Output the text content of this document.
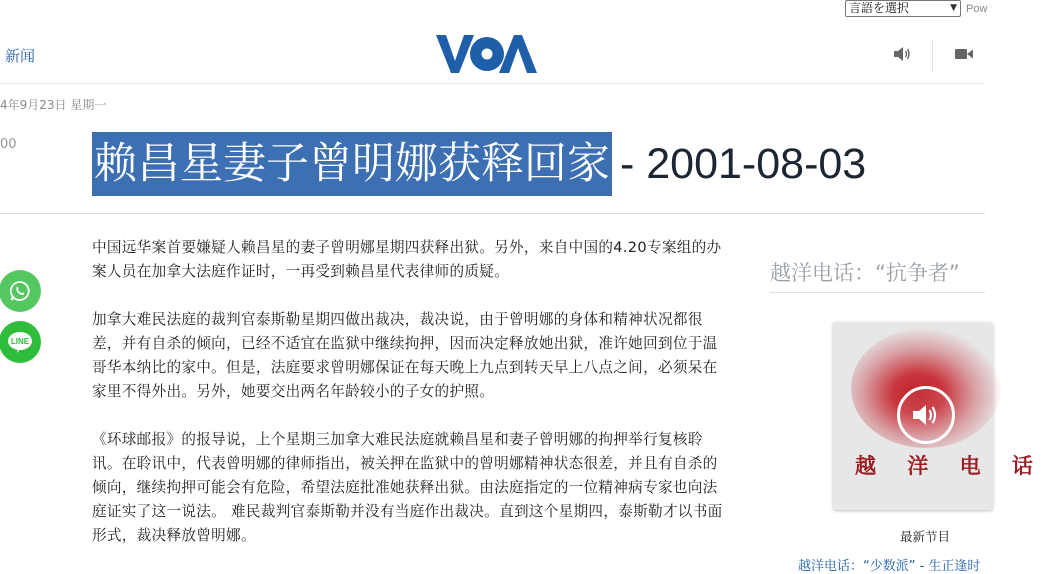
言語を選択	▼ Pow
新闻
4年9月23日 星期一
00 赖昌星妻子曾明娜获释回家 - 2001-08-03

中国远华案首要嫌疑人赖昌星的妻子曾明娜星期四获释出狱。另外，来自中国的4.20专案组的办案人员在加拿大法庭作证时，一再受到赖昌星代表律师的质疑。

加拿大难民法庭的裁判官泰斯勒星期四做出裁决，裁决说，由于曾明娜的身体和精神状况都很差，并有自杀的倾向，已经不适宜在监狱中继续拘押，因而决定释放她出狱，准许她回到位于温哥华本纳比的家中。但是，法庭要求曾明娜保证在每天晚上九点到转天早上八点之间，必须呆在家里不得外出。另外，她要交出两名年龄较小的子女的护照。

《环球邮报》的报导说，上个星期三加拿大难民法庭就赖昌星和妻子曾明娜的拘押举行复核聆讯。在聆讯中，代表曾明娜的律师指出，被关押在监狱中的曾明娜精神状态很差，并且有自杀的倾向，继续拘押可能会有危险，希望法庭批准她获释出狱。由法庭指定的一位精神病专家也向法庭证实了这一说法。 难民裁判官泰斯勒并没有当庭作出裁决。直到这个星期四，泰斯勒才以书面形式，裁决释放曾明娜。

LINE
越洋电话：“抗争者”
越 洋 电 话
最新节目
越洋电话：“少数派” - 生正逢时
